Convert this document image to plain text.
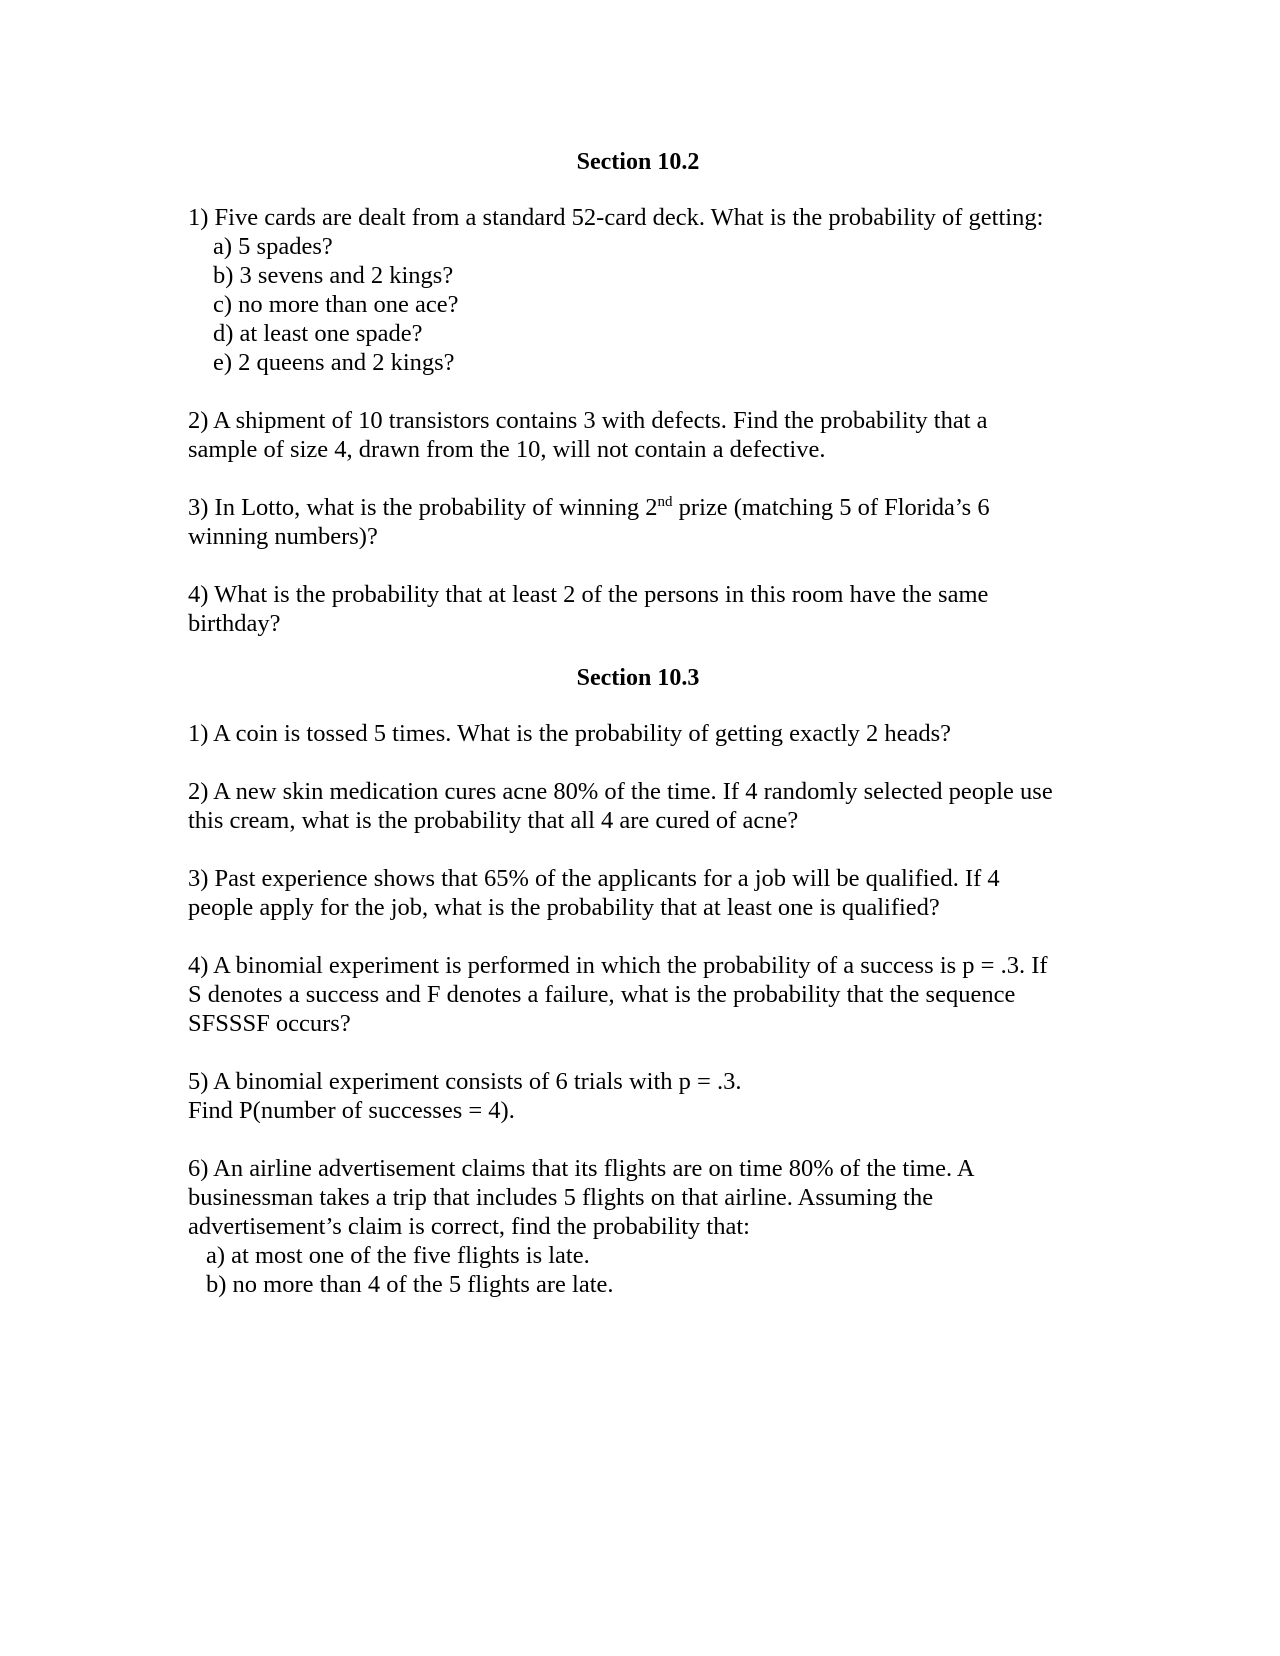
Section 10.2

1) Five cards are dealt from a standard 52-card deck. What is the probability of getting:

a) 5 spades?
b) 3 sevens and 2 kings?
c) no more than one ace?
d) at least one spade?
e) 2 queens and 2 kings?

2) A shipment of 10 transistors contains 3 with defects. Find the probability that a

sample of size 4, drawn from the 10, will not contain a defective.

3) In Lotto, what is the probability of winning 2nd prize (matching 5 of Florida’s 6

winning numbers)?

4) What is the probability that at least 2 of the persons in this room have the same

birthday?

Section 10.3

1) A coin is tossed 5 times. What is the probability of getting exactly 2 heads?

2) A new skin medication cures acne 80% of the time. If 4 randomly selected people use

this cream, what is the probability that all 4 are cured of acne?

3) Past experience shows that 65% of the applicants for a job will be qualified. If 4

people apply for the job, what is the probability that at least one is qualified?

4) A binomial experiment is performed in which the probability of a success is p = .3. If

S denotes a success and F denotes a failure, what is the probability that the sequence

SFSSSF occurs?

5) A binomial experiment consists of 6 trials with p = .3.

Find P(number of successes = 4).

6) An airline advertisement claims that its flights are on time 80% of the time. A

businessman takes a trip that includes 5 flights on that airline. Assuming the

advertisement’s claim is correct, find the probability that:

a) at most one of the five flights is late.
b) no more than 4 of the 5 flights are late.
